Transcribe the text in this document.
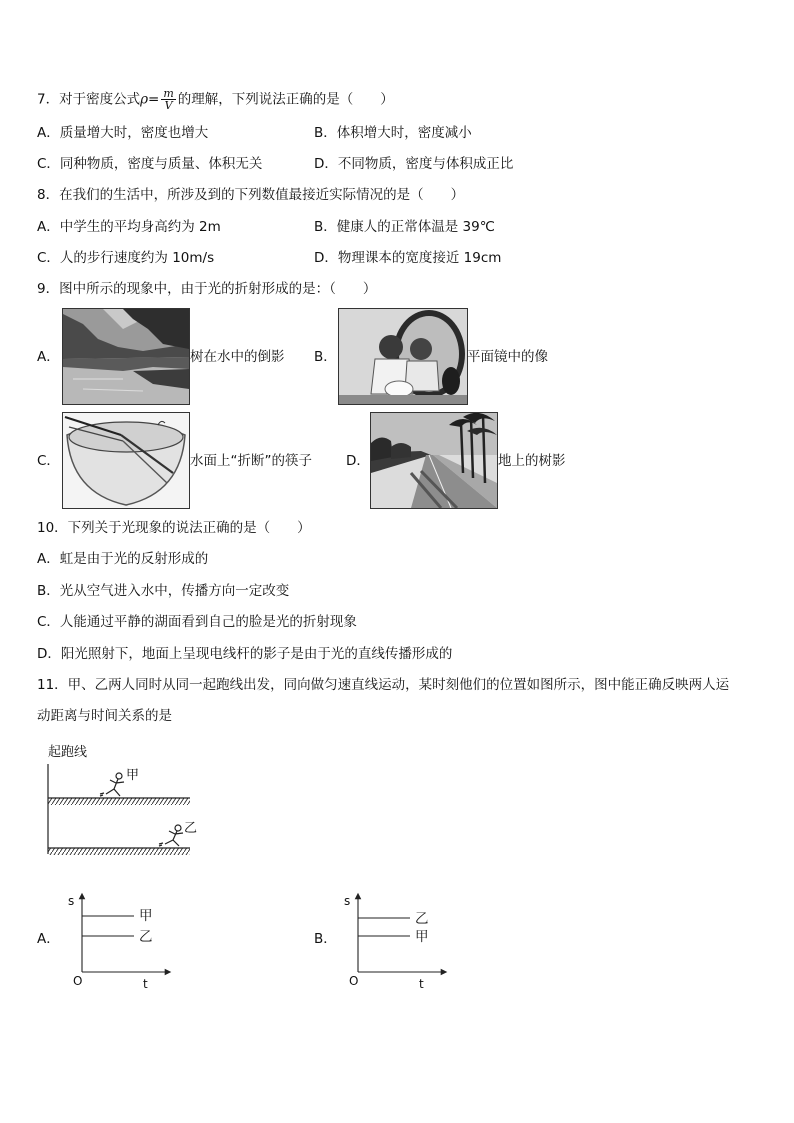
7．对于密度公式$\rho= \frac{m}{V}$ 的理解，下列说法正确的是（　　）
A．质量增大时，密度也增大	B．体积增大时，密度减小
C．同种物质，密度与质量、体积无关	D．不同物质，密度与体积成正比
8．在我们的生活中，所涉及到的下列数值最接近实际情况的是（　　）
A．中学生的平均身高约为 2m	B．健康人的正常体温是 39℃
C．人的步行速度约为 10m/s	D．物理课本的宽度接近 19cm
9．图中所示的现象中，由于光的折射形成的是：（　　）
A．	树在水中的倒影 B．	平面镜中的像
C．	水面上“折断”的筷子	D．	地上的树影
10．下列关于光现象的说法正确的是（　　）
A．虹是由于光的反射形成的
B．光从空气进入水中，传播方向一定改变
C．人能通过平静的湖面看到自己的脸是光的折射现象
D．阳光照射下，地面上呈现电线杆的影子是由于光的直线传播形成的
11．甲、乙两人同时从同一起跑线出发，同向做匀速直线运动，某时刻他们的位置如图所示，图中能正确反映两人运
动距离与时间关系的是
起跑线
甲
乙
A．
s
t
O
甲
乙	B．
s
t
O
乙
甲
